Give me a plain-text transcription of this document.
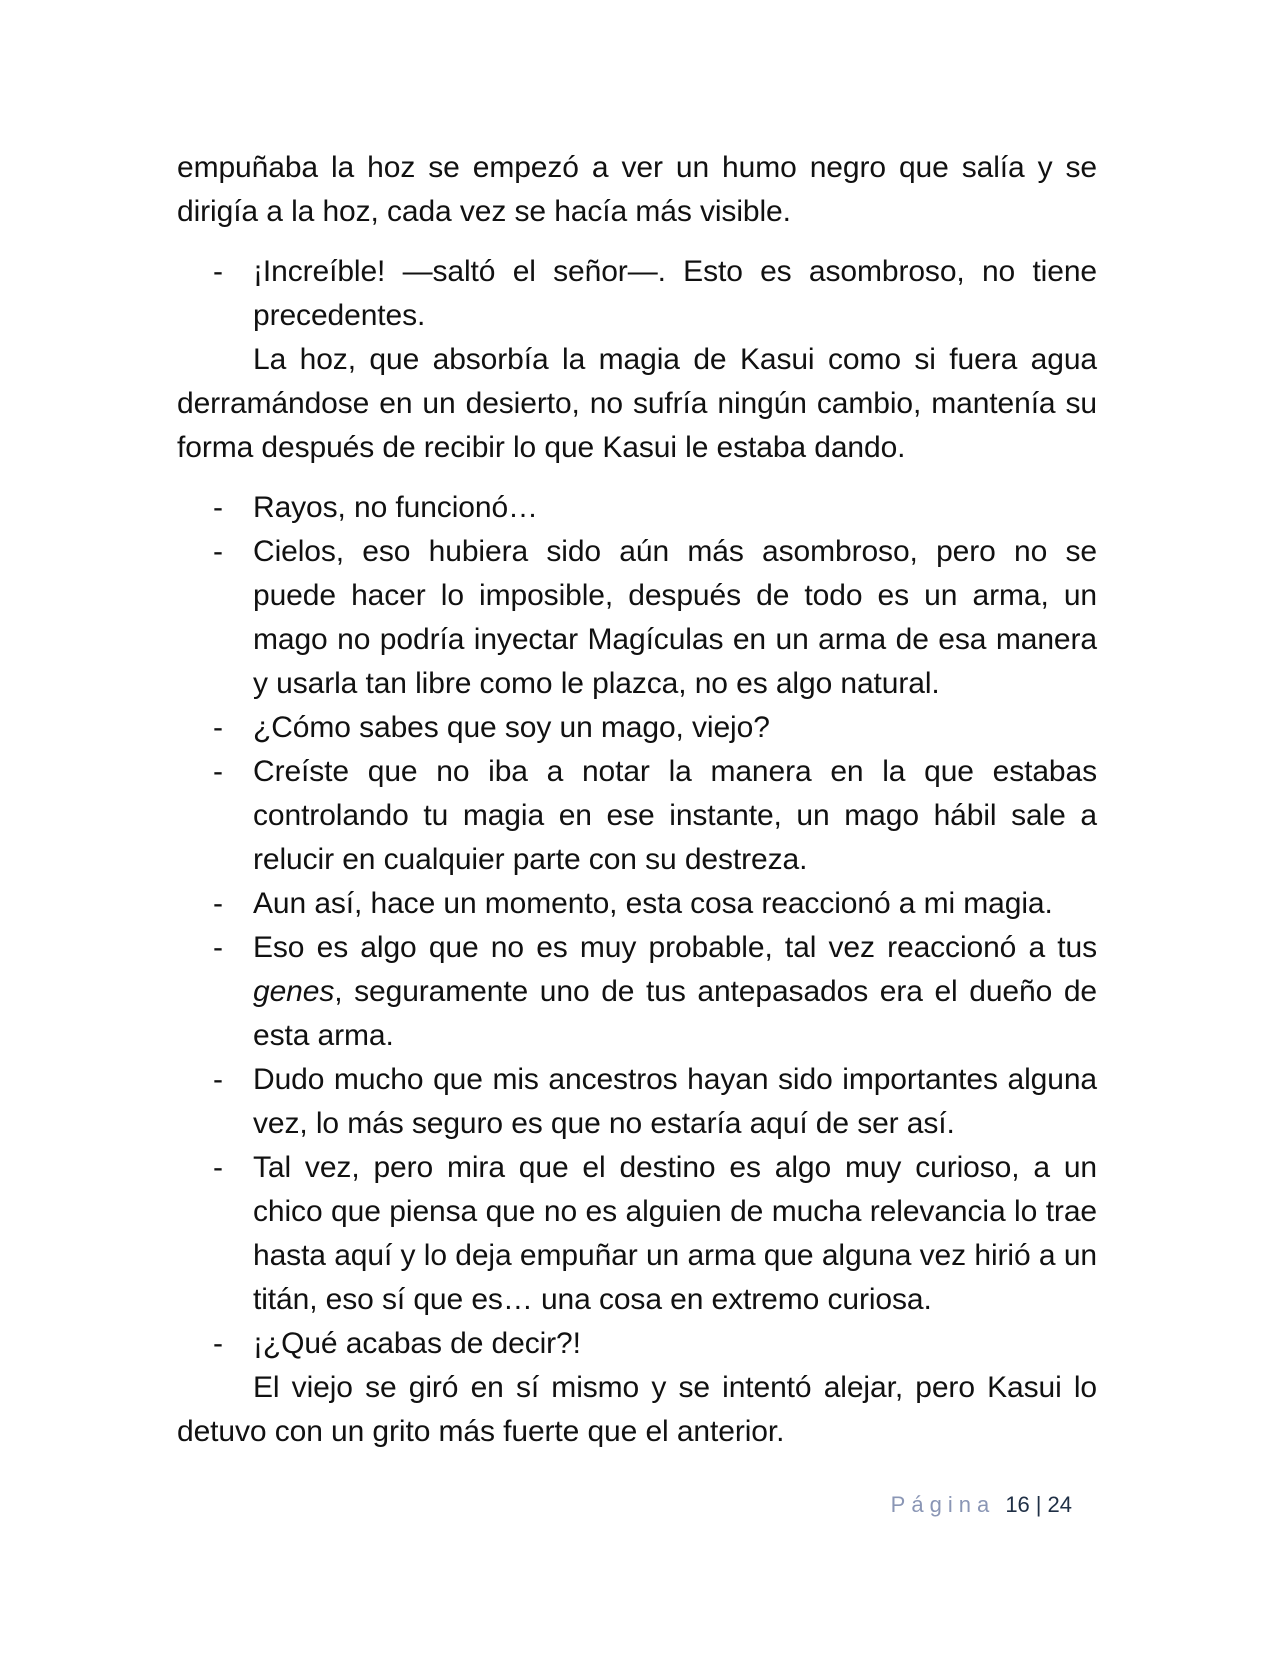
empuñaba la hoz se empezó a ver un humo negro que salía y se dirigía a la hoz, cada vez se hacía más visible.

- ¡Increíble! —saltó el señor—. Esto es asombroso, no tiene precedentes.

La hoz, que absorbía la magia de Kasui como si fuera agua derramándose en un desierto, no sufría ningún cambio, mantenía su forma después de recibir lo que Kasui le estaba dando.

- Rayos, no funcionó…

- Cielos, eso hubiera sido aún más asombroso, pero no se puede hacer lo imposible, después de todo es un arma, un mago no podría inyectar Magículas en un arma de esa manera y usarla tan libre como le plazca, no es algo natural.

- ¿Cómo sabes que soy un mago, viejo?

- Creíste que no iba a notar la manera en la que estabas controlando tu magia en ese instante, un mago hábil sale a relucir en cualquier parte con su destreza.

- Aun así, hace un momento, esta cosa reaccionó a mi magia.

- Eso es algo que no es muy probable, tal vez reaccionó a tus genes, seguramente uno de tus antepasados era el dueño de esta arma.

- Dudo mucho que mis ancestros hayan sido importantes alguna vez, lo más seguro es que no estaría aquí de ser así.

- Tal vez, pero mira que el destino es algo muy curioso, a un chico que piensa que no es alguien de mucha relevancia lo trae hasta aquí y lo deja empuñar un arma que alguna vez hirió a un titán, eso sí que es… una cosa en extremo curiosa.

- ¡¿Qué acabas de decir?!

El viejo se giró en sí mismo y se intentó alejar, pero Kasui lo detuvo con un grito más fuerte que el anterior.

Página 16 | 24
